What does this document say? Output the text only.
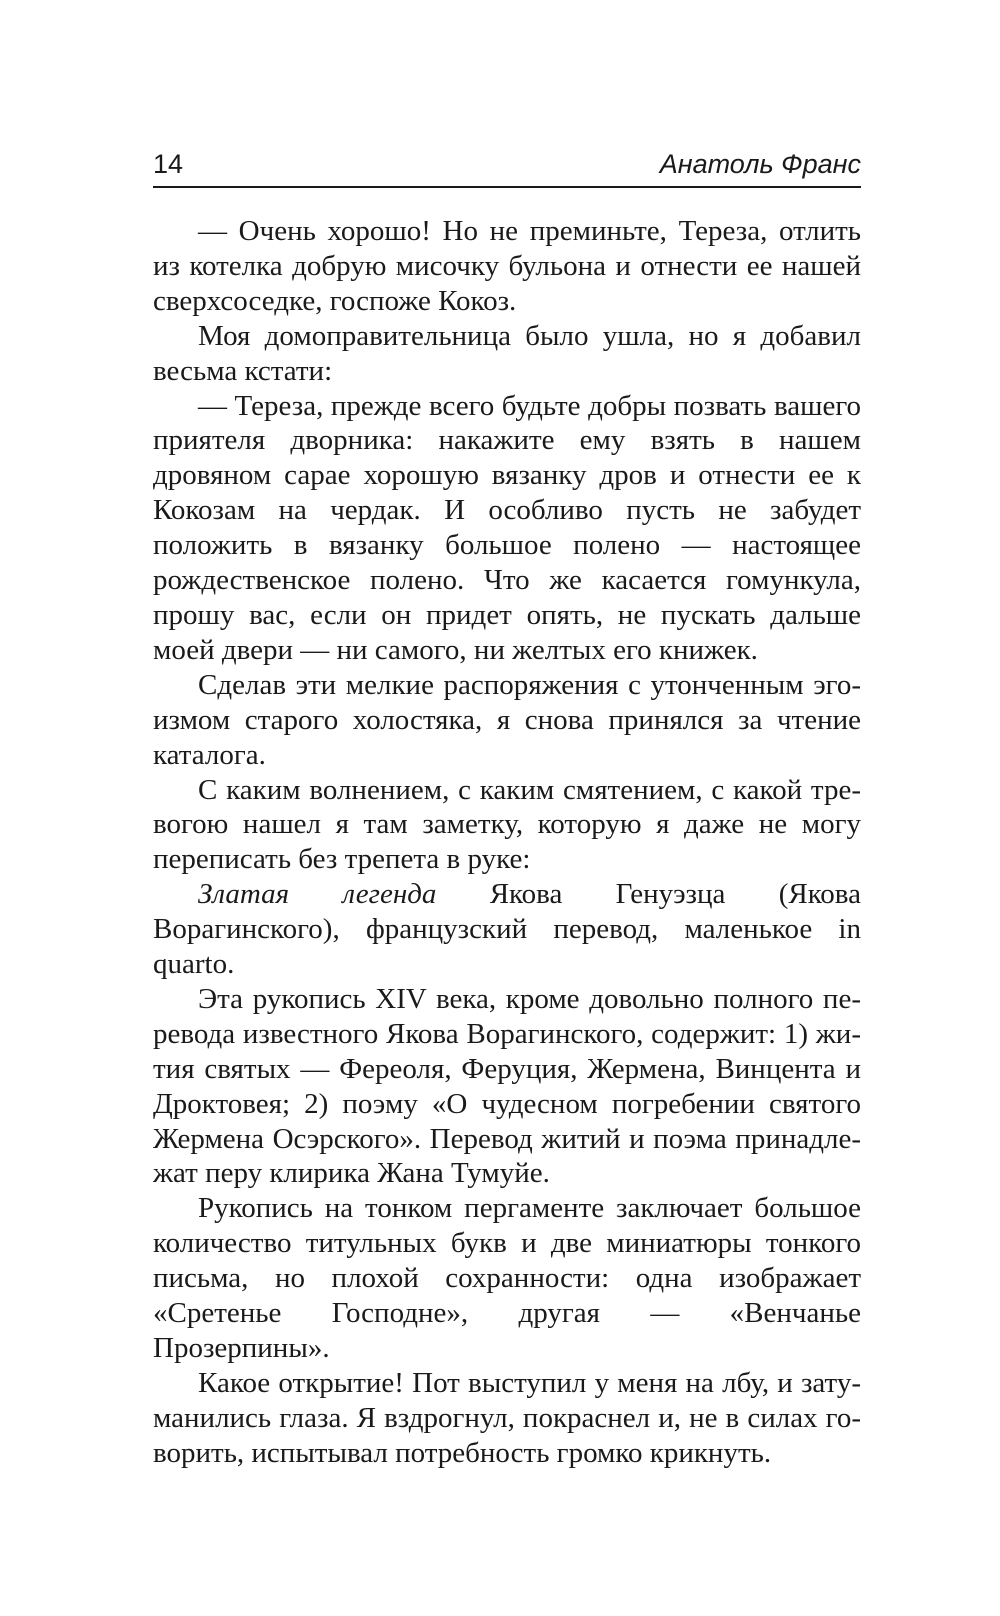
14	Анатоль Франс

— Очень хорошо! Но не преминьте, Тереза, отлить из котелка добрую мисочку бульона и отнести ее нашей сверхсоседке, госпоже Кокоз.

Моя домоправительница было ушла, но я добавил весьма кстати:

— Тереза, прежде всего будьте добры позвать вашего приятеля дворника: накажите ему взять в нашем дровяном сарае хорошую вязанку дров и отнести ее к Кокозам на чердак. И особливо пусть не забудет положить в вязанку большое полено — настоящее рождественское полено. Что же касается гомункула, прошу вас, если он придет опять, не пускать дальше моей двери — ни самого, ни желтых его книжек.

Сделав эти мелкие распоряжения с утонченным эгоизмом старого холостяка, я снова принялся за чтение каталога.

С каким волнением, с каким смятением, с какой тревогою нашел я там заметку, которую я даже не могу переписать без трепета в руке:

Златая легенда Якова Генуэзца (Якова Ворагинского), французский перевод, маленькое in quarto.

Эта рукопись XIV века, кроме довольно полного перевода известного Якова Ворагинского, содержит: 1) жития святых — Фереоля, Феруция, Жермена, Винцента и Дроктовея; 2) поэму «О чудесном погребении святого Жермена Осэрского». Перевод житий и поэма принадлежат перу клирика Жана Тумуйе.

Рукопись на тонком пергаменте заключает большое количество титульных букв и две миниатюры тонкого письма, но плохой сохранности: одна изображает «Сретенье Господне», другая — «Венчанье Прозерпины».

Какое открытие! Пот выступил у меня на лбу, и затуманились глаза. Я вздрогнул, покраснел и, не в силах говорить, испытывал потребность громко крикнуть.
